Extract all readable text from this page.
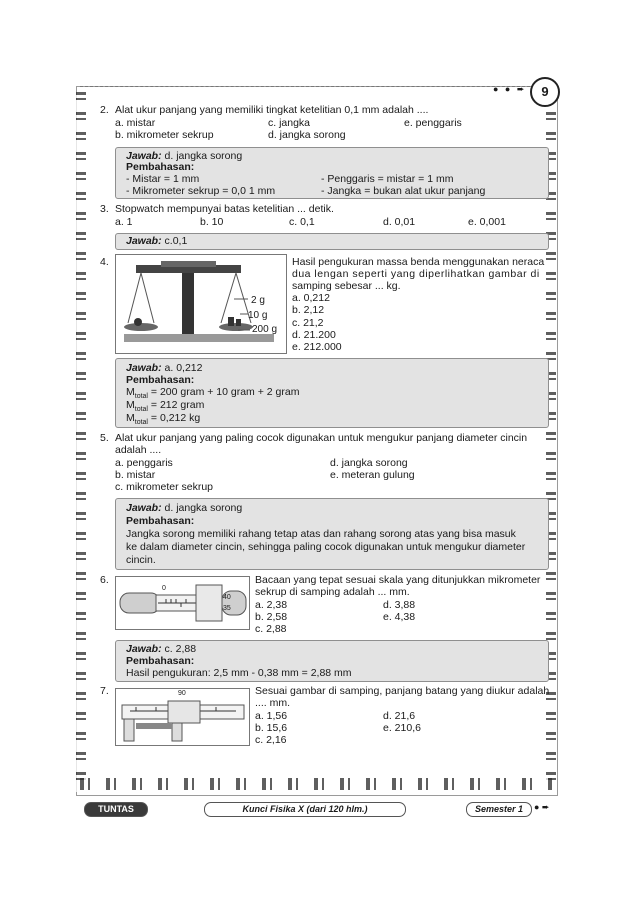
● ● ➨	9
2. Alat ukur panjang yang memiliki tingkat ketelitian 0,1 mm adalah ....
a. mistar
b. mikrometer sekrup
c. jangka
d. jangka sorong
e. penggaris
Jawab: d. jangka sorong
Pembahasan:
- Mistar = 1 mm
- Mikrometer sekrup = 0,0 1 mm
- Penggaris = mistar = 1 mm
- Jangka = bukan alat ukur panjang
3. Stopwatch mempunyai batas ketelitian ... detik.
a. 1	b. 10	c. 0,1	d. 0,01	e. 0,001
Jawab: c.0,1
4.
2 g
10 g
200 g
Hasil pengukuran massa benda menggunakan neraca
dua lengan seperti yang diperlihatkan gambar di
samping sebesar ... kg.
a. 0,212
b. 2,12
c. 21,2
d. 21.200
e. 212.000
Jawab: a. 0,212
Pembahasan:
$M_{total} = 200$ gram + 10 gram + 2 gram
$M_{total} = 212$ gram
$M_{total} = 0,212$ kg
5. Alat ukur panjang yang paling cocok digunakan untuk mengukur panjang diameter cincin
adalah ....
a. penggaris
b. mistar
c. mikrometer sekrup
d. jangka sorong
e. meteran gulung
Jawab: d. jangka sorong
Pembahasan:
Jangka sorong memiliki rahang tetap atas dan rahang sorong atas yang bisa masuk
ke dalam diameter cincin, sehingga paling cocok digunakan untuk mengukur diameter
cincin.
6.
0
40
35
Bacaan yang tepat sesuai skala yang ditunjukkan mikrometer
sekrup di samping adalah ... mm.
a. 2,38
b. 2,58
c. 2,88
d. 3,88
e. 4,38
Jawab: c. 2,88
Pembahasan:
Hasil pengukuran: 2,5 mm - 0,38 mm = 2,88 mm
7.	90	Sesuai gambar di samping, panjang batang yang diukur adalah
.... mm.
a. 1,56
b. 15,6
c. 2,16
d. 21,6
e. 210,6
TUNTAS	Kunci Fisika X (dari 120 hlm.)	Semester 1	● ➨
